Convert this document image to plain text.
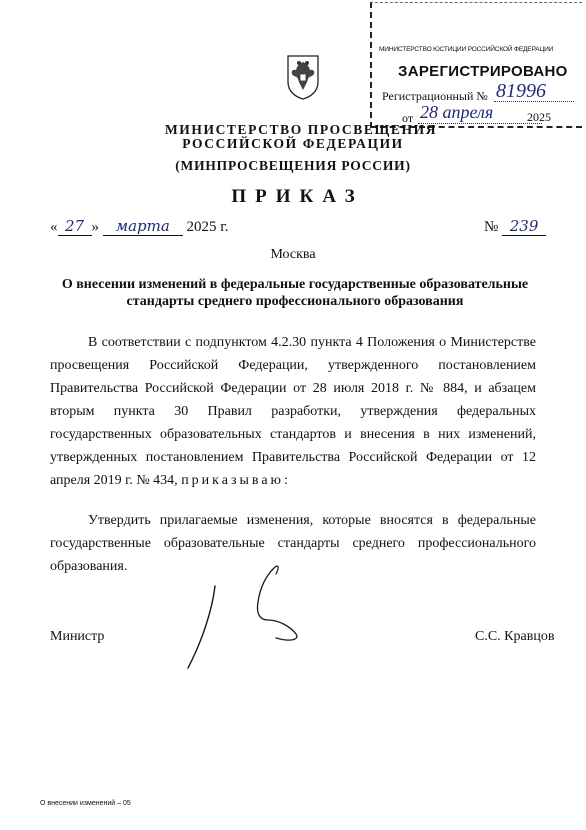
МИНИСТЕРСТВО ЮСТИЦИИ РОССИЙСКОЙ ФЕДЕРАЦИИ
ЗАРЕГИСТРИРОВАНО
Регистрационный № 81996
от 28 апреля	2025
МИНИСТЕРСТВО ПРОСВЕЩЕНИЯ
РОССИЙСКОЙ ФЕДЕРАЦИИ
(МИНПРОСВЕЩЕНИЯ РОССИИ)
ПРИКАЗ
« 27 » марта 2025 г.	№ 239
Москва
О внесении изменений в федеральные государственные образовательные стандарты среднего профессионального образования

В соответствии с подпунктом 4.2.30 пункта 4 Положения о Министерстве просвещения Российской Федерации, утвержденного постановлением Правительства Российской Федерации от 28 июля 2018 г. № 884, и абзацем вторым пункта 30 Правил разработки, утверждения федеральных государственных образовательных стандартов и внесения в них изменений, утвержденных постановлением Правительства Российской Федерации от 12 апреля 2019 г. № 434, приказываю:

Утвердить прилагаемые изменения, которые вносятся в федеральные государственные образовательные стандарты среднего профессионального образования.

Министр	С.С. Кравцов
О внесении изменений – 05
